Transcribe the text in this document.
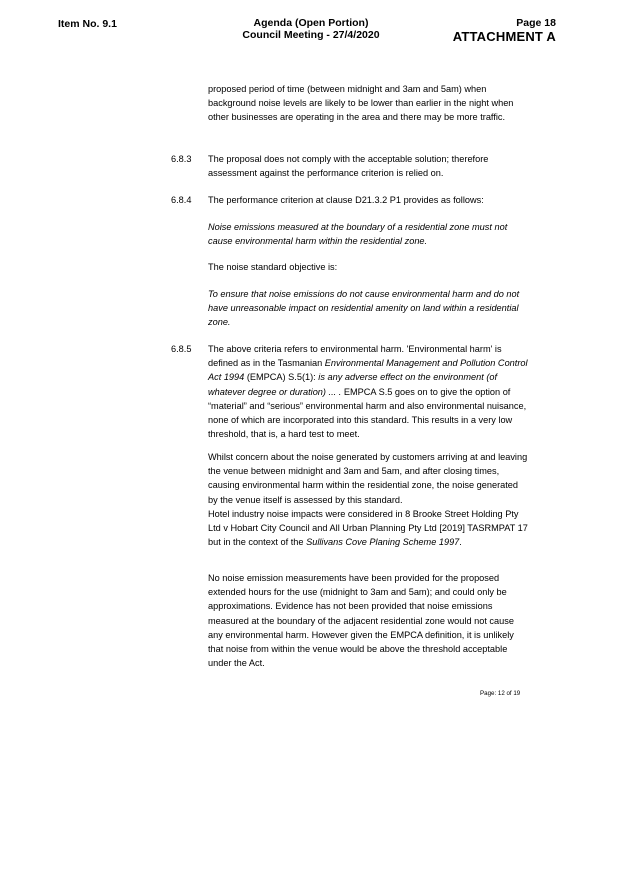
Item No. 9.1	Agenda (Open Portion)
Council Meeting - 27/4/2020
Page 18
ATTACHMENT A
proposed period of time (between midnight and 3am and 5am) when background noise levels are likely to be lower than earlier in the night when other businesses are operating in the area and there may be more traffic.
6.8.3 The proposal does not comply with the acceptable solution; therefore assessment against the performance criterion is relied on.
6.8.4 The performance criterion at clause D21.3.2 P1 provides as follows:
Noise emissions measured at the boundary of a residential zone must not cause environmental harm within the residential zone.
The noise standard objective is:
To ensure that noise emissions do not cause environmental harm and do not have unreasonable impact on residential amenity on land within a residential zone.
6.8.5 The above criteria refers to environmental harm. 'Environmental harm' is defined as in the Tasmanian Environmental Management and Pollution Control Act 1994 (EMPCA) S.5(1): is any adverse effect on the environment (of whatever degree or duration) ... . EMPCA S.5 goes on to give the option of “material” and “serious” environmental harm and also environmental nuisance, none of which are incorporated into this standard. This results in a very low threshold, that is, a hard test to meet.
Whilst concern about the noise generated by customers arriving at and leaving the venue between midnight and 3am and 5am, and after closing times, causing environmental harm within the residential zone, the noise generated by the venue itself is assessed by this standard.
Hotel industry noise impacts were considered in 8 Brooke Street Holding Pty Ltd v Hobart City Council and All Urban Planning Pty Ltd [2019] TASRMPAT 17 but in the context of the Sullivans Cove Planing Scheme 1997.
No noise emission measurements have been provided for the proposed extended hours for the use (midnight to 3am and 5am); and could only be approximations. Evidence has not been provided that noise emissions measured at the boundary of the adjacent residential zone would not cause any environmental harm. However given the EMPCA definition, it is unlikely that noise from within the venue would be above the threshold acceptable under the Act.
Page: 12 of 19
